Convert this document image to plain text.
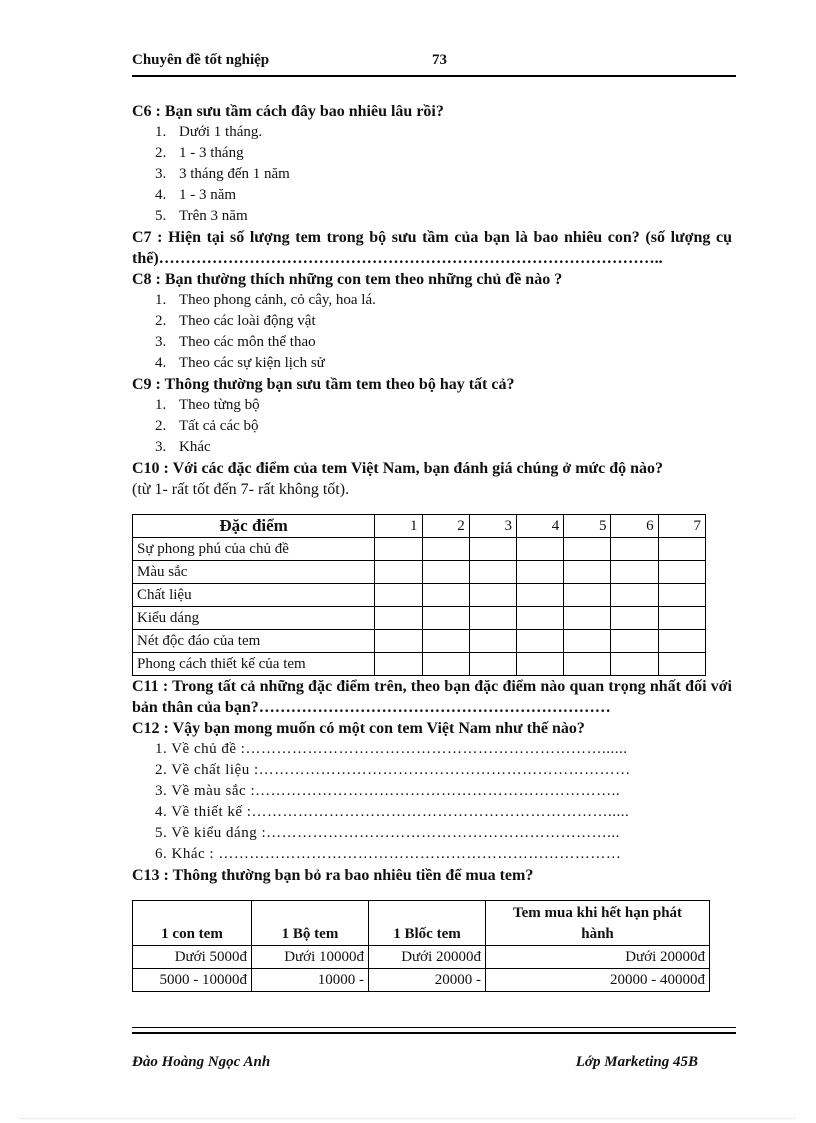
Chuyên đề tốt nghiệp	73

C6 : Bạn sưu tầm cách đây bao nhiêu lâu rồi?

1. Dưới 1 tháng.
2. 1 - 3 tháng
3. 3 tháng đến 1 năm
4. 1 - 3 năm
5. Trên 3 năm

C7 : Hiện tại số lượng tem trong bộ sưu tầm của bạn là bao nhiêu con? (số lượng cụ thể)…………………………………………………………………………………..

C8 : Bạn thường thích những con tem theo những chủ đề nào ?

1. Theo phong cảnh, cỏ cây, hoa lá.
2. Theo các loài động vật
3. Theo các môn thể thao
4. Theo các sự kiện lịch sử

C9 : Thông thường bạn sưu tầm tem theo bộ hay tất cả?

1. Theo từng bộ
2. Tất cả các bộ
3. Khác

C10 : Với các đặc điểm của tem Việt Nam, bạn đánh giá chúng ở mức độ nào?

(từ 1- rất tốt đến 7- rất không tốt).
Đặc điểm	1	2	3	4	5	6	7
Sự phong phú của chủ đề							
Màu sắc							
Chất liệu							
Kiểu dáng							
Nét độc đáo của tem							
Phong cách thiết kế của tem							

C11 : Trong tất cả những đặc điểm trên, theo bạn đặc điểm nào quan trọng nhất đối với bản thân của bạn?…………………………………………………………

C12 : Vậy bạn mong muốn có một con tem Việt Nam như thế nào?

1. Về chủ đề :……………………………………………………………......
2. Về chất liệu :………………………………………………………………
3. Về màu sắc :……………………………………………………………..
4. Về thiết kế :…………………………………………………………….....
5. Về kiểu dáng :…………………………………………………………...
6. Khác : ……………………………………………………………………

C13 : Thông thường bạn bỏ ra bao nhiêu tiền để mua tem?

1 con tem	1 Bộ tem	1 Blốc tem	Tem mua khi hết hạn phát hành
Dưới 5000đ	Dưới 10000đ	Dưới 20000đ	Dưới 20000đ
5000 - 10000đ	10000 -	20000 -	20000 - 40000đ
Đào Hoàng Ngọc Anh	Lớp Marketing 45B
